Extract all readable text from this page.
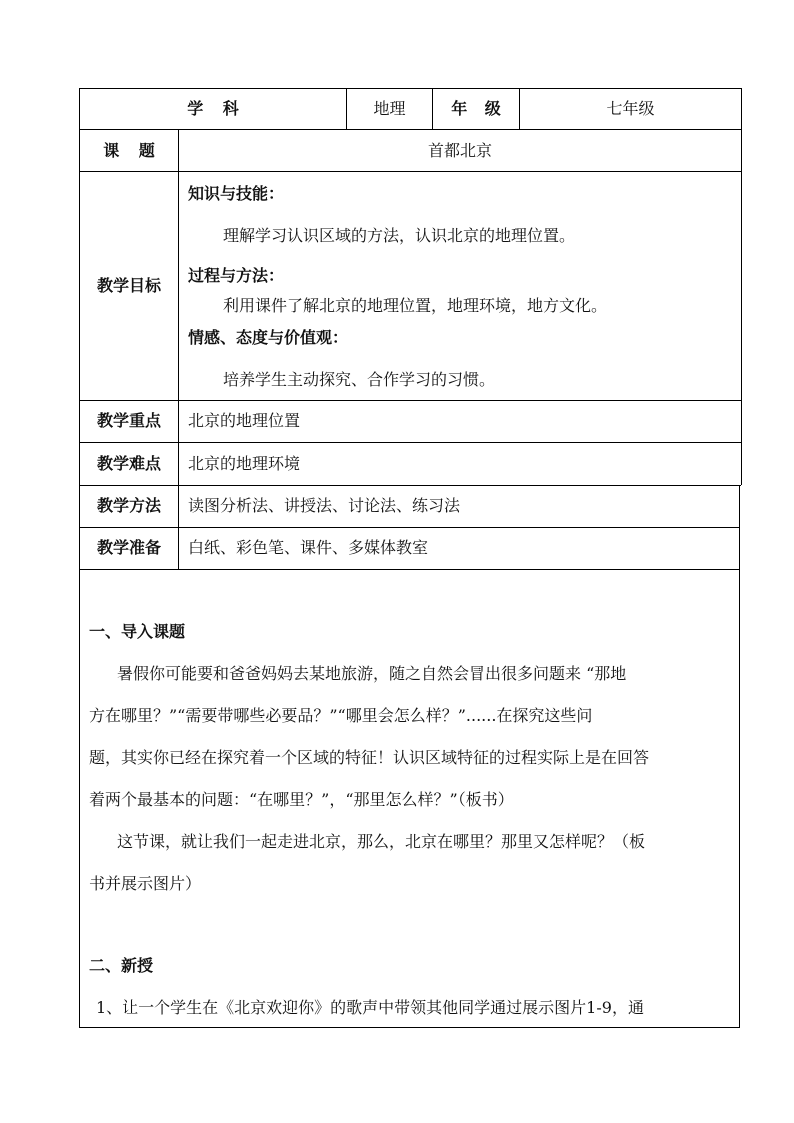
学 科	地理	年 级	七年级
课 题	首都北京
教学目标
知识与技能：
理解学习认识区域的方法，认识北京的地理位置。
过程与方法：
利用课件了解北京的地理位置，地理环境，地方文化。
情感、态度与价值观：
培养学生主动探究、合作学习的习惯。
教学重点	北京的地理位置
教学难点	北京的地理环境
教学方法	读图分析法、讲授法、讨论法、练习法
教学准备	白纸、彩色笔、课件、多媒体教室
一、导入课题
暑假你可能要和爸爸妈妈去某地旅游，随之自然会冒出很多问题来 “那地
方在哪里？”“需要带哪些必要品？”“哪里会怎么样？”......在探究这些问
题，其实你已经在探究着一个区域的特征！认识区域特征的过程实际上是在回答
着两个最基本的问题：“在哪里？”，“那里怎么样？”（板书）
这节课，就让我们一起走进北京，那么，北京在哪里？那里又怎样呢？（板
书并展示图片）
二、新授
1、让一个学生在《北京欢迎你》的歌声中带领其他同学通过展示图片1-9，通
